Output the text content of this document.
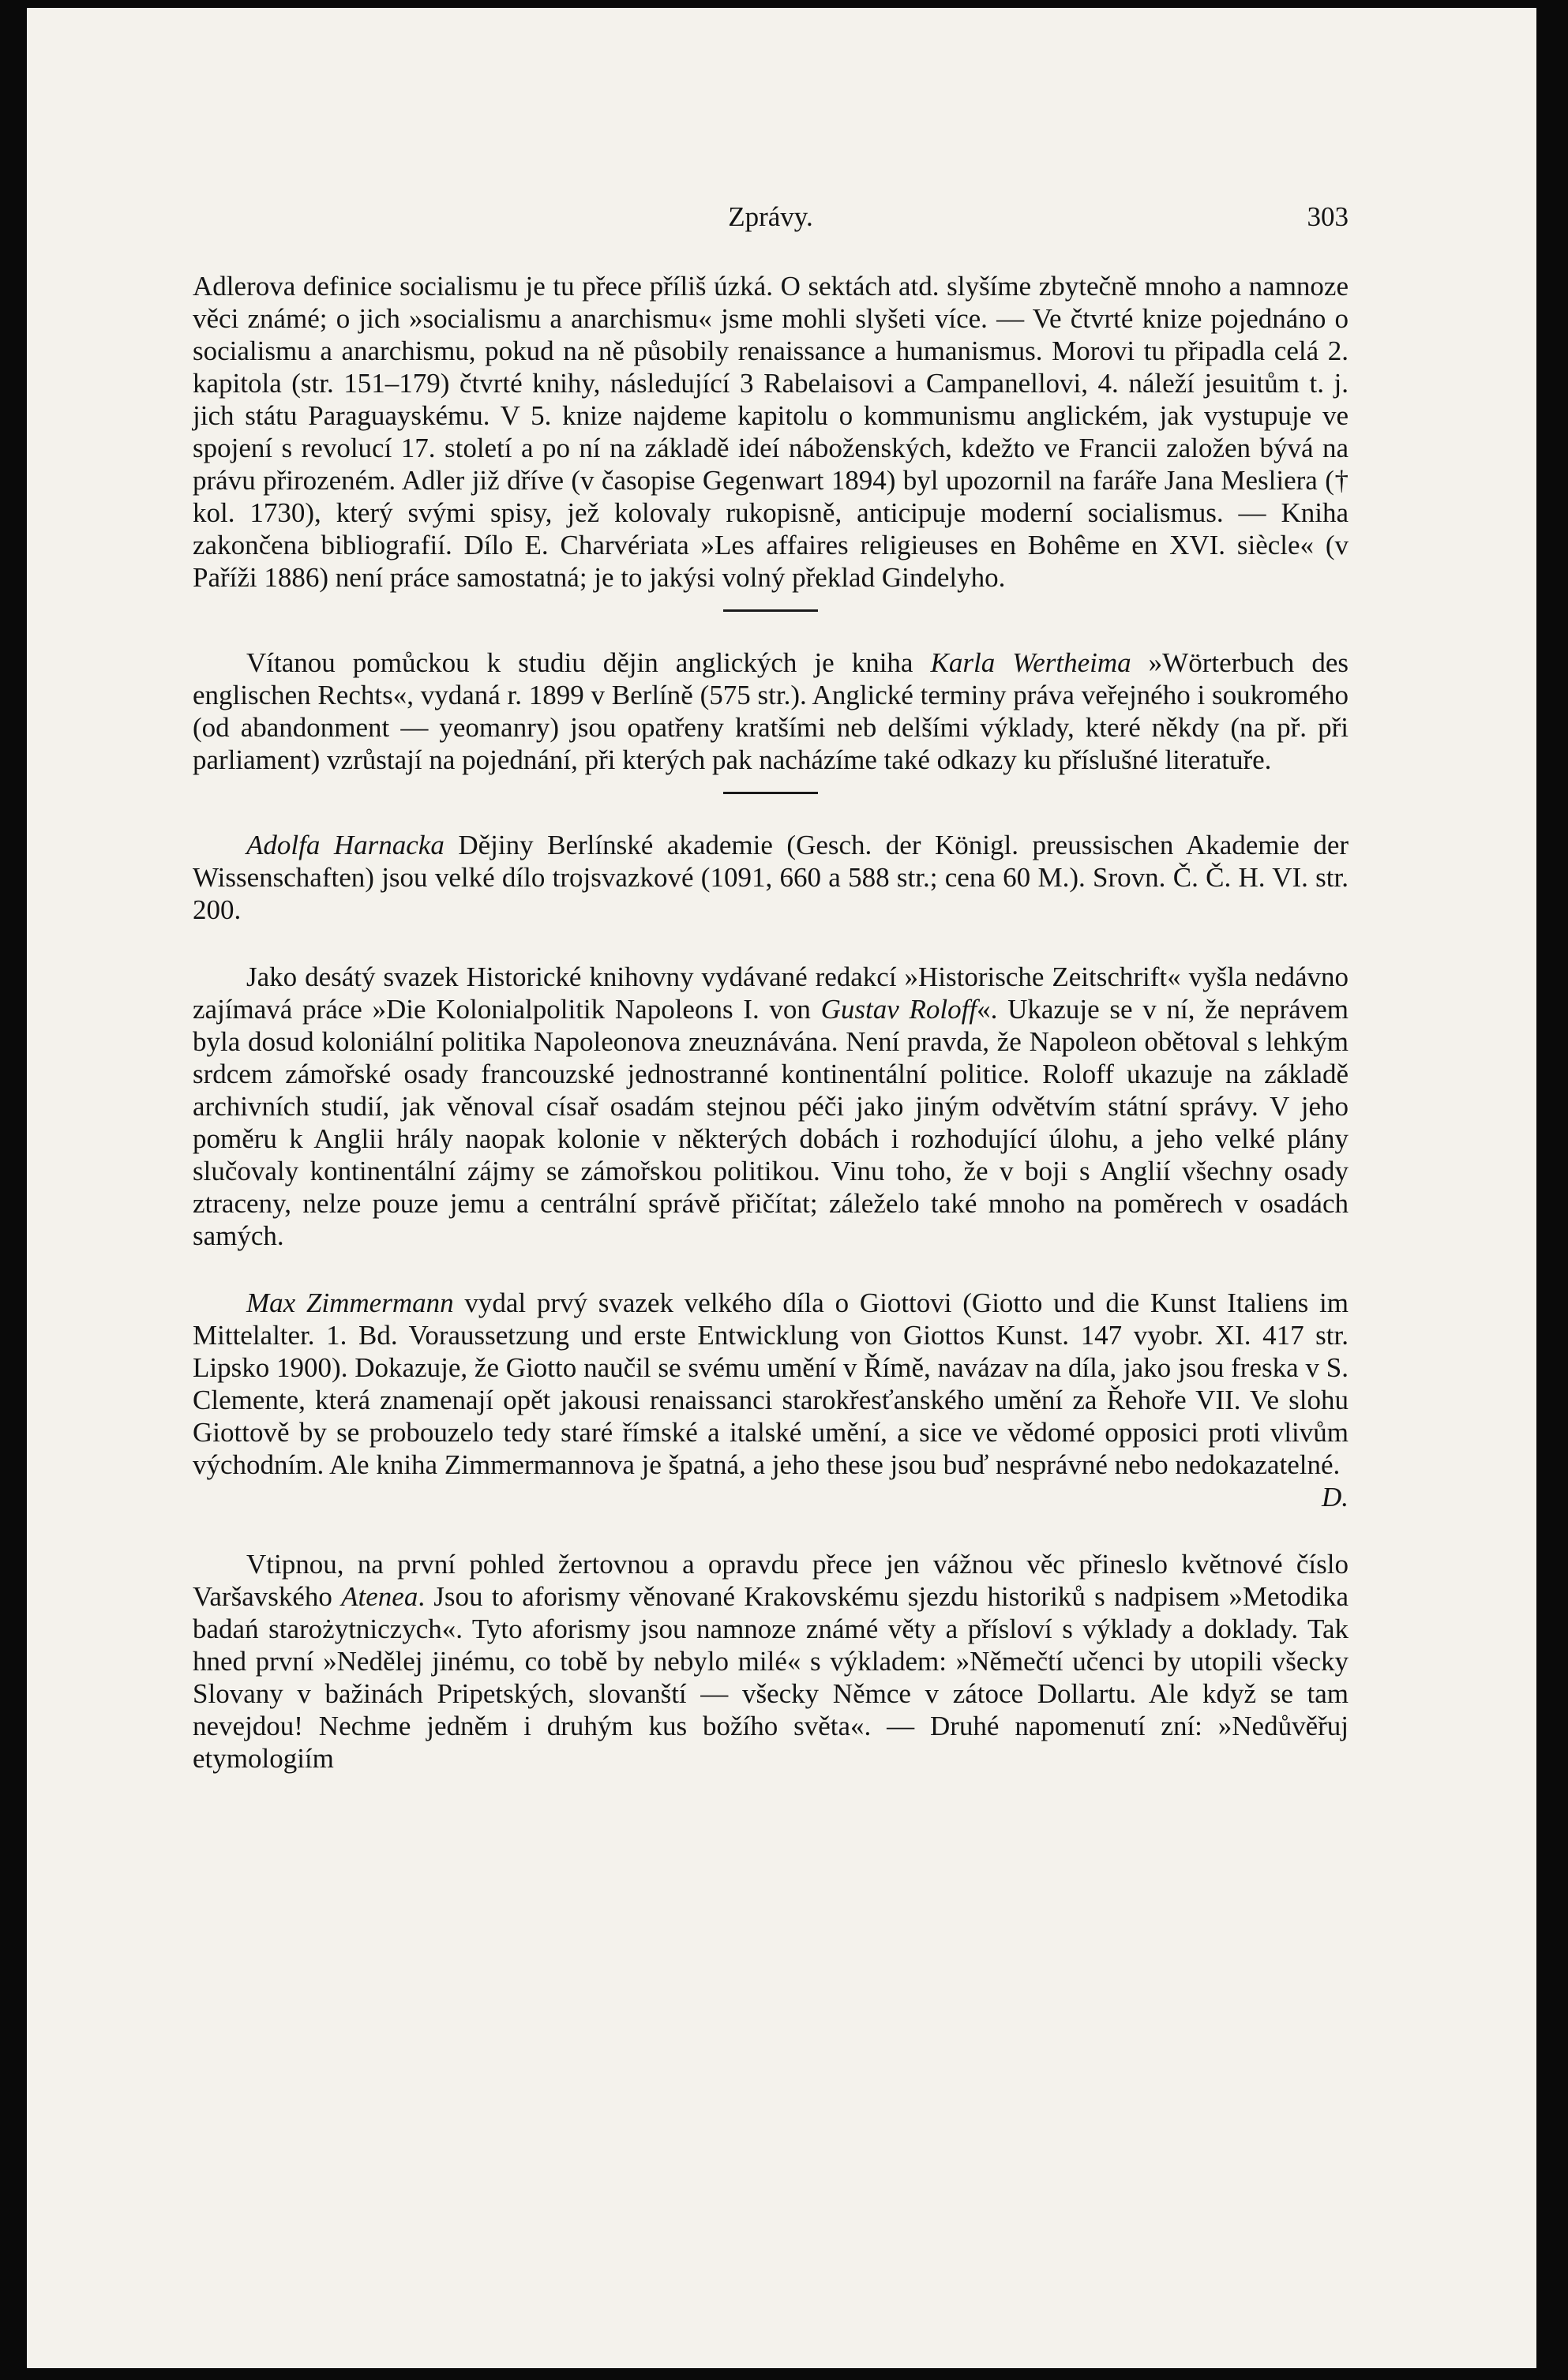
Zprávy.	303

Adlerova definice socialismu je tu přece příliš úzká. O sektách atd. slyšíme zbytečně mnoho a namnoze věci známé; o jich »socialismu a anarchismu« jsme mohli slyšeti více. — Ve čtvrté knize pojednáno o socialismu a anarchismu, pokud na ně působily renaissance a humanismus. Morovi tu připadla celá 2. kapitola (str. 151–179) čtvrté knihy, následující 3 Rabelaisovi a Campanellovi, 4. náleží jesuitům t. j. jich státu Paraguayskému. V 5. knize najdeme kapitolu o kommunismu anglickém, jak vystupuje ve spojení s revolucí 17. století a po ní na základě ideí náboženských, kdežto ve Francii založen bývá na právu přirozeném. Adler již dříve (v časopise Gegenwart 1894) byl upozornil na faráře Jana Mesliera († kol. 1730), který svými spisy, jež kolovaly rukopisně, anticipuje moderní socialismus. — Kniha zakončena bibliografií. Dílo E. Charvériata »Les affaires religieuses en Bohême en XVI. siècle« (v Paříži 1886) není práce samostatná; je to jakýsi volný překlad Gindelyho.

Vítanou pomůckou k studiu dějin anglických je kniha Karla Wertheima »Wörterbuch des englischen Rechts«, vydaná r. 1899 v Berlíně (575 str.). Anglické terminy práva veřejného i soukromého (od abandonment — yeomanry) jsou opatřeny kratšími neb delšími výklady, které někdy (na př. při parliament) vzrůstají na pojednání, při kterých pak nacházíme také odkazy ku příslušné literatuře.

Adolfa Harnacka Dějiny Berlínské akademie (Gesch. der Königl. preussischen Akademie der Wissenschaften) jsou velké dílo trojsvazkové (1091, 660 a 588 str.; cena 60 M.). Srovn. Č. Č. H. VI. str. 200.

Jako desátý svazek Historické knihovny vydávané redakcí »Historische Zeitschrift« vyšla nedávno zajímavá práce »Die Kolonialpolitik Napoleons I. von Gustav Roloff«. Ukazuje se v ní, že neprávem byla dosud koloniální politika Napoleonova zneuznávána. Není pravda, že Napoleon obětoval s lehkým srdcem zámořské osady francouzské jednostranné kontinentální politice. Roloff ukazuje na základě archivních studií, jak věnoval císař osadám stejnou péči jako jiným odvětvím státní správy. V jeho poměru k Anglii hrály naopak kolonie v některých dobách i rozhodující úlohu, a jeho velké plány slučovaly kontinentální zájmy se zámořskou politikou. Vinu toho, že v boji s Anglií všechny osady ztraceny, nelze pouze jemu a centrální správě přičítat; záleželo také mnoho na poměrech v osadách samých.

Max Zimmermann vydal prvý svazek velkého díla o Giottovi (Giotto und die Kunst Italiens im Mittelalter. 1. Bd. Voraussetzung und erste Entwicklung von Giottos Kunst. 147 vyobr. XI. 417 str. Lipsko 1900). Dokazuje, že Giotto naučil se svému umění v Římě, navázav na díla, jako jsou freska v S. Clemente, která znamenají opět jakousi renaissanci starokřesťanského umění za Řehoře VII. Ve slohu Giottově by se probouzelo tedy staré římské a italské umění, a sice ve vědomé opposici proti vlivům východním. Ale kniha Zimmermannova je špatná, a jeho these jsou buď nesprávné nebo nedokazatelné.
D.

Vtipnou, na první pohled žertovnou a opravdu přece jen vážnou věc přineslo květnové číslo Varšavského Atenea. Jsou to aforismy věnované Krakovskému sjezdu historiků s nadpisem »Metodika badań starożytniczych«. Tyto aforismy jsou namnoze známé věty a přísloví s výklady a doklady. Tak hned první »Nedělej jinému, co tobě by nebylo milé« s výkladem: »Němečtí učenci by utopili všecky Slovany v bažinách Pripetských, slovanští — všecky Němce v zátoce Dollartu. Ale když se tam nevejdou! Nechme jedněm i druhým kus božího světa«. — Druhé napomenutí zní: »Nedůvěřuj etymologiím
